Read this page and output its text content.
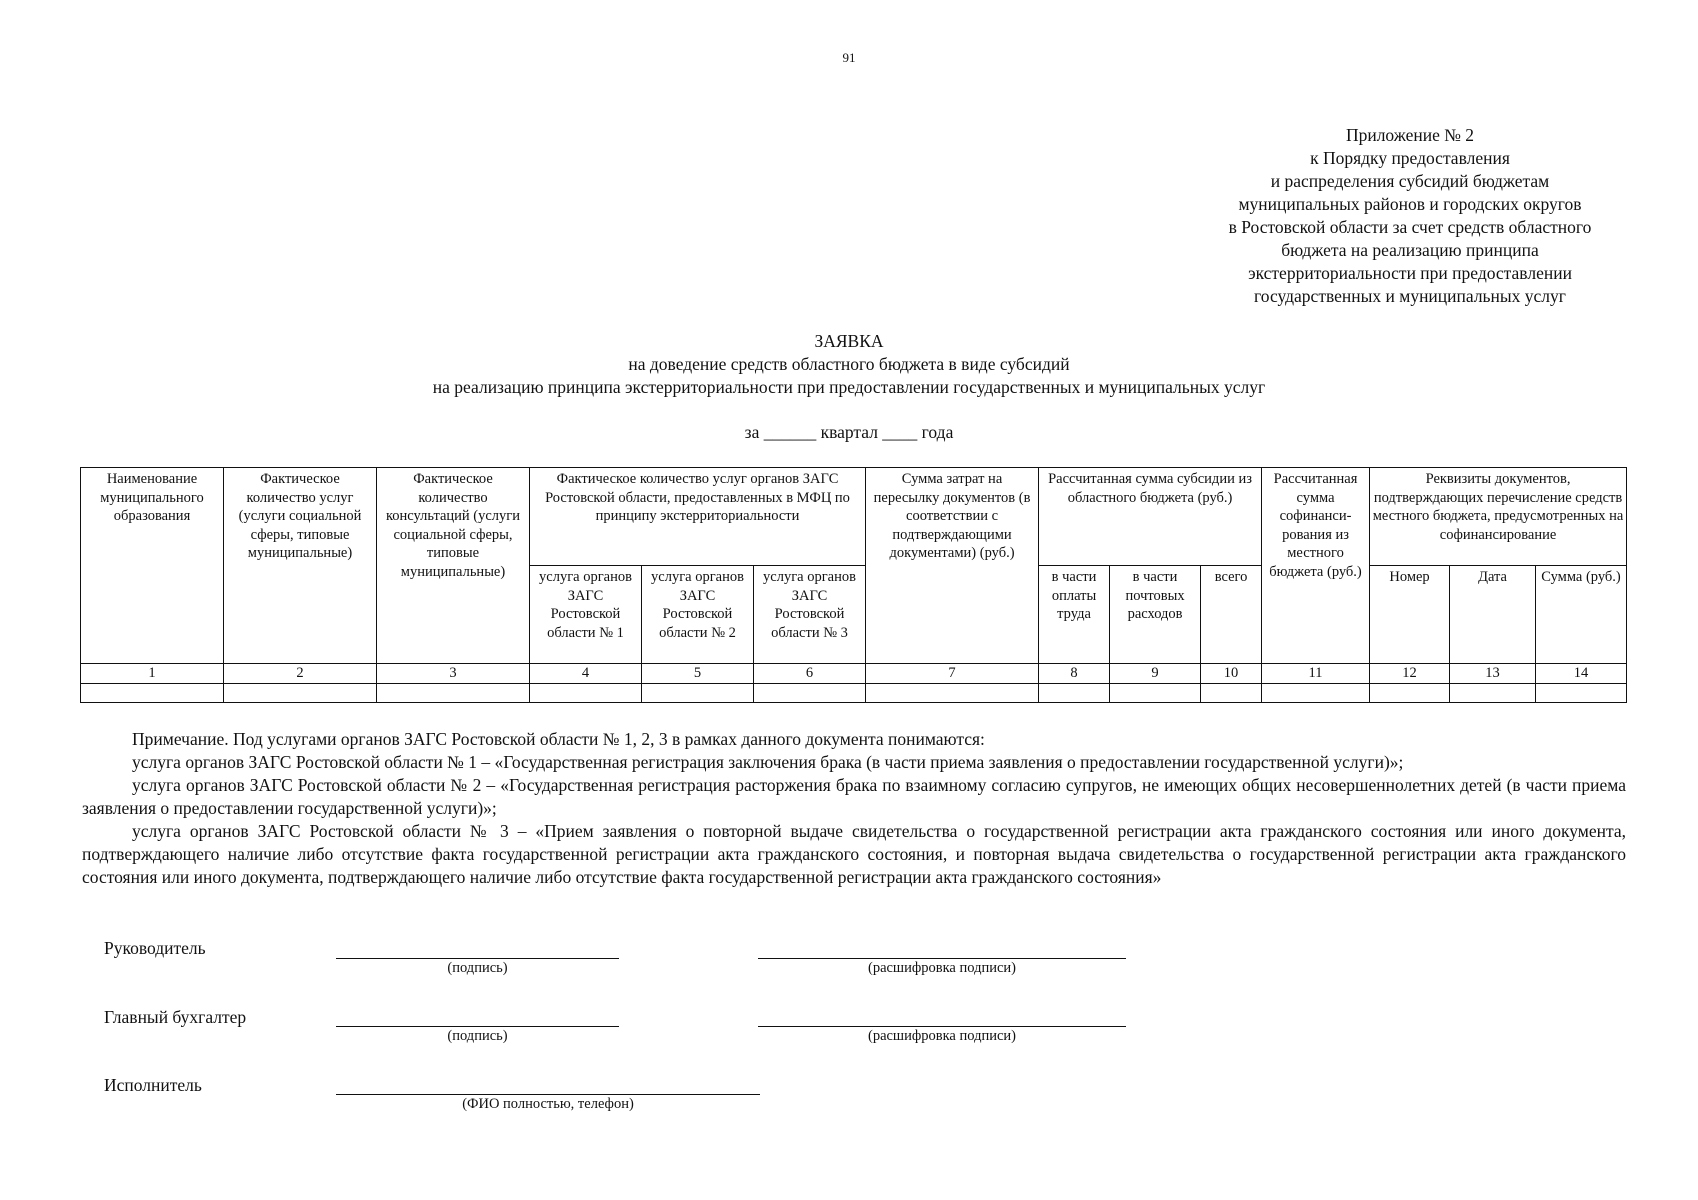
91
Приложение № 2
к Порядку предоставления
и распределения субсидий бюджетам
муниципальных районов и городских округов
в Ростовской области за счет средств областного
бюджета на реализацию принципа
экстерриториальности при предоставлении
государственных и муниципальных услуг
ЗАЯВКА
на доведение средств областного бюджета в виде субсидий
на реализацию принципа экстерриториальности при предоставлении государственных и муниципальных услуг
за ______ квартал ____ года
Наименование муниципального образования	Фактическое количество услуг (услуги социальной сферы, типовые муниципальные)	Фактическое количество консультаций (услуги социальной сферы, типовые муниципальные)	Фактическое количество услуг органов ЗАГС Ростовской области, предоставленных в МФЦ по принципу экстерриториальности			Сумма затрат на пересылку документов (в соответствии с подтверждающими документами) (руб.)	Рассчитанная сумма субсидии из областного бюджета (руб.)			Рассчитанная сумма софинанси-рования из местного бюджета (руб.)	Реквизиты документов, подтверждающих перечисление средств местного бюджета, предусмотренных на софинансирование		
			услуга органов ЗАГС Ростовской области № 1	услуга органов ЗАГС Ростовской области № 2	услуга органов ЗАГС Ростовской области № 3		в части оплаты труда	в части почтовых расходов	всего		Номер	Дата	Сумма (руб.)
1	2	3	4	5	6	7	8	9	10	11	12	13	14

Примечание. Под услугами органов ЗАГС Ростовской области № 1, 2, 3 в рамках данного документа понимаются:

услуга органов ЗАГС Ростовской области № 1 – «Государственная регистрация заключения брака (в части приема заявления о предоставлении государственной услуги)»;

услуга органов ЗАГС Ростовской области № 2 – «Государственная регистрация расторжения брака по взаимному согласию супругов, не имеющих общих несовершеннолетних детей (в части приема заявления о предоставлении государственной услуги)»;

услуга органов ЗАГС Ростовской области № 3 – «Прием заявления о повторной выдаче свидетельства о государственной регистрации акта гражданского состояния или иного документа, подтверждающего наличие либо отсутствие факта государственной регистрации акта гражданского состояния, и повторная выдача свидетельства о государственной регистрации акта гражданского состояния или иного документа, подтверждающего наличие либо отсутствие факта государственной регистрации акта гражданского состояния»

Руководитель
(подпись)	(расшифровка подписи)
Главный бухгалтер
(подпись)	(расшифровка подписи)
Исполнитель
(ФИО полностью, телефон)
